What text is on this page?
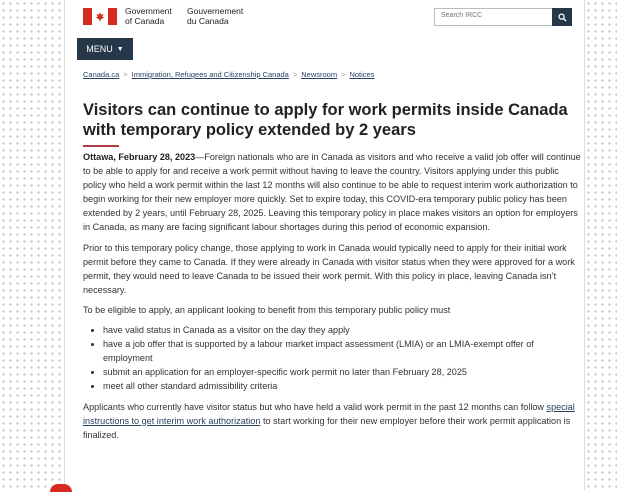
Government
of Canada
Gouvernement
du Canada	Search IRCC
MENU ▼
Canada.ca > Immigration, Refugees and Citizenship Canada > Newsroom > Notices
Visitors can continue to apply for work permits inside Canada with temporary policy extended by 2 years

Ottawa, February 28, 2023—Foreign nationals who are in Canada as visitors and who receive a valid job offer will continue to be able to apply for and receive a work permit without having to leave the country. Visitors applying under this public policy who held a work permit within the last 12 months will also continue to be able to request interim work authorization to begin working for their new employer more quickly. Set to expire today, this COVID-era temporary public policy has been extended by 2 years, until February 28, 2025. Leaving this temporary policy in place makes visitors an option for employers in Canada, as many are facing significant labour shortages during this period of economic expansion.

Prior to this temporary policy change, those applying to work in Canada would typically need to apply for their initial work permit before they came to Canada. If they were already in Canada with visitor status when they were approved for a work permit, they would need to leave Canada to be issued their work permit. With this policy in place, leaving Canada isn’t necessary.

To be eligible to apply, an applicant looking to benefit from this temporary public policy must

• have valid status in Canada as a visitor on the day they apply
• have a job offer that is supported by a labour market impact assessment (LMIA) or an LMIA-exempt offer of employment
• submit an application for an employer-specific work permit no later than February 28, 2025
• meet all other standard admissibility criteria

Applicants who currently have visitor status but who have held a valid work permit in the past 12 months can follow special instructions to get interim work authorization to start working for their new employer before their work permit application is finalized.
